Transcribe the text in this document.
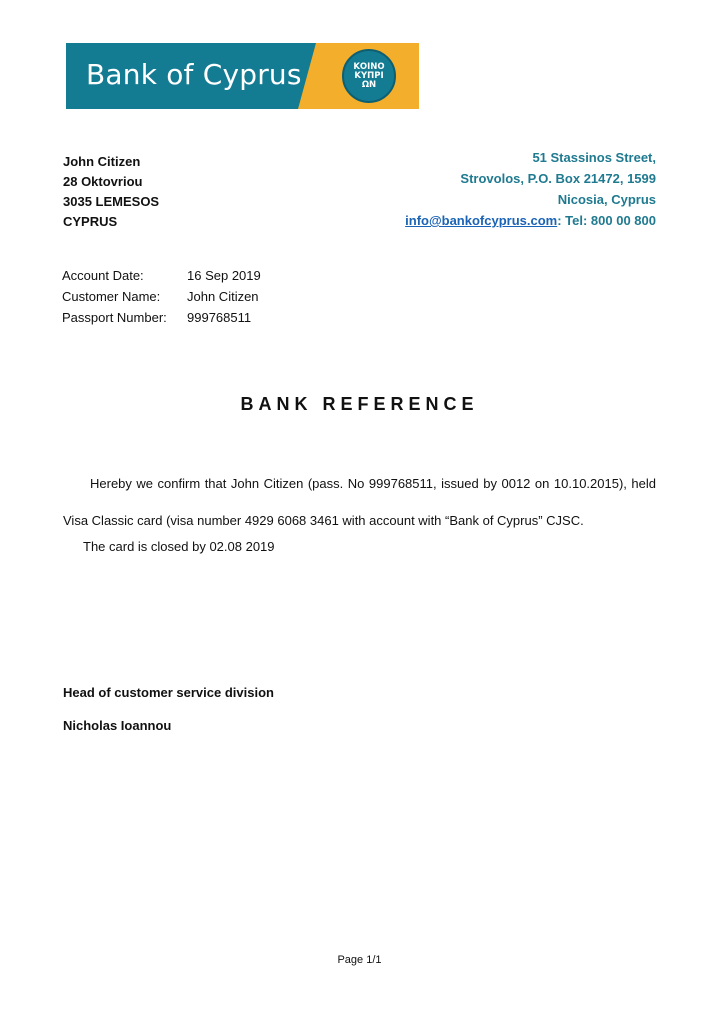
Bank of Cyprus	ΚΟΙΝΟ
ΚΥΠΡΙ
ΩΝ
John Citizen
28 Oktovriou
3035 LEMESOS
CYPRUS
51 Stassinos Street,
Strovolos, P.O. Box 21472, 1599
Nicosia, Cyprus
info@bankofcyprus.com: Tel: 800 00 800
Account Date:	16 Sep 2019
Customer Name:	John Citizen
Passport Number:	999768511
BANK REFERENCE
Hereby we confirm that John Citizen (pass. No 999768511, issued by 0012 on 10.10.2015), held Visa Classic card (visa number 4929 6068 3461 with account with “Bank of Cyprus” CJSC.
The card is closed by 02.08 2019
Head of customer service division
Nicholas Ioannou
Page 1/1
